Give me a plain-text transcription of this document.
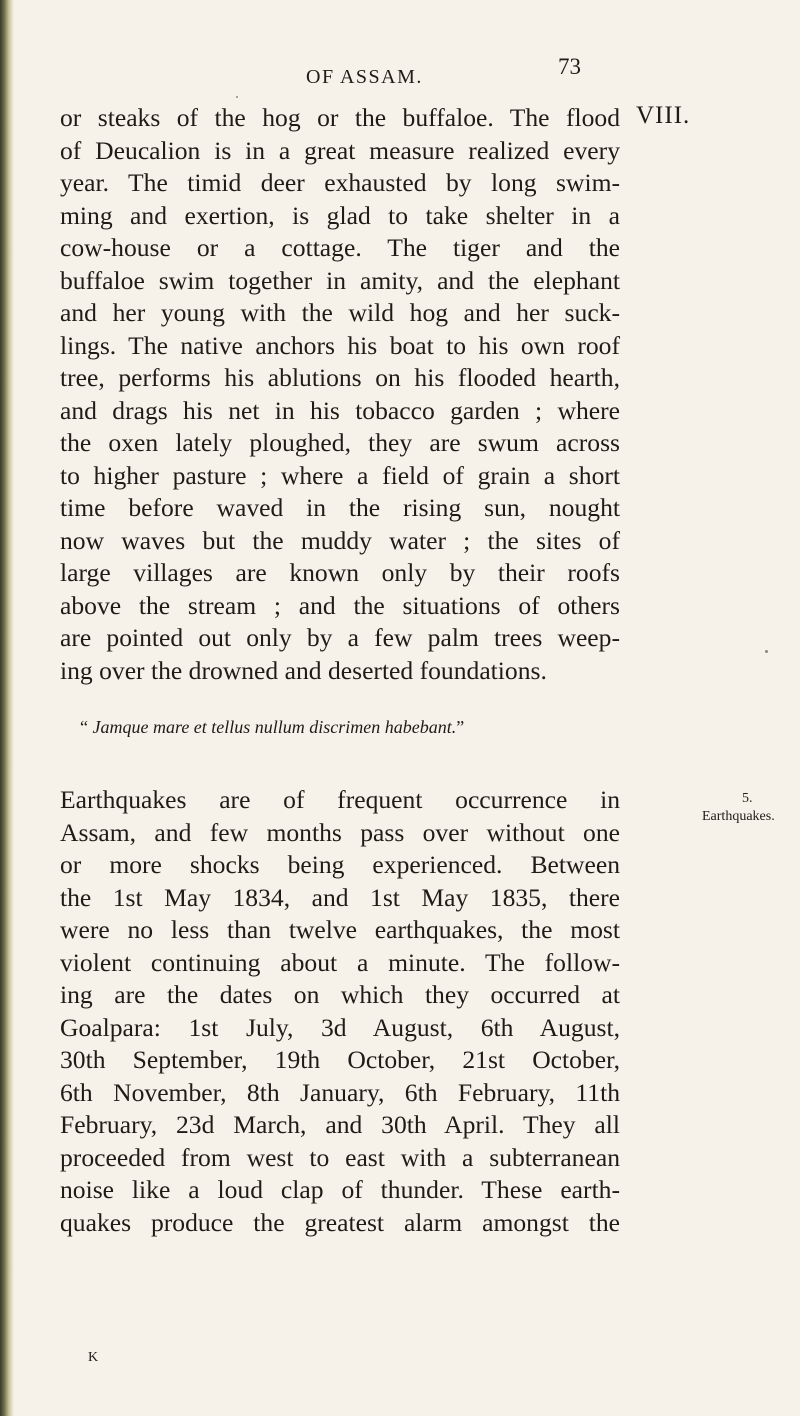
OF ASSAM.	73
VIII.
or steaks of the hog or the buffaloe. The flood
of Deucalion is in a great measure realized every
year. The timid deer exhausted by long swim-
ming and exertion, is glad to take shelter in a
cow-house or a cottage. The tiger and the
buffaloe swim together in amity, and the elephant
and her young with the wild hog and her suck-
lings. The native anchors his boat to his own roof
tree, performs his ablutions on his flooded hearth,
and drags his net in his tobacco garden ; where
the oxen lately ploughed, they are swum across
to higher pasture ; where a field of grain a short
time before waved in the rising sun, nought
now waves but the muddy water ; the sites of
large villages are known only by their roofs
above the stream ; and the situations of others
are pointed out only by a few palm trees weep-
ing over the drowned and deserted foundations.
“ Jamque mare et tellus nullum discrimen habebant.”
5.
Earthquakes.
Earthquakes are of frequent occurrence in
Assam, and few months pass over without one
or more shocks being experienced. Between
the 1st May 1834, and 1st May 1835, there
were no less than twelve earthquakes, the most
violent continuing about a minute. The follow-
ing are the dates on which they occurred at
Goalpara: 1st July, 3d August, 6th August,
30th September, 19th October, 21st October,
6th November, 8th January, 6th February, 11th
February, 23d March, and 30th April. They all
proceeded from west to east with a subterranean
noise like a loud clap of thunder. These earth-
quakes produce the greatest alarm amongst the
K
